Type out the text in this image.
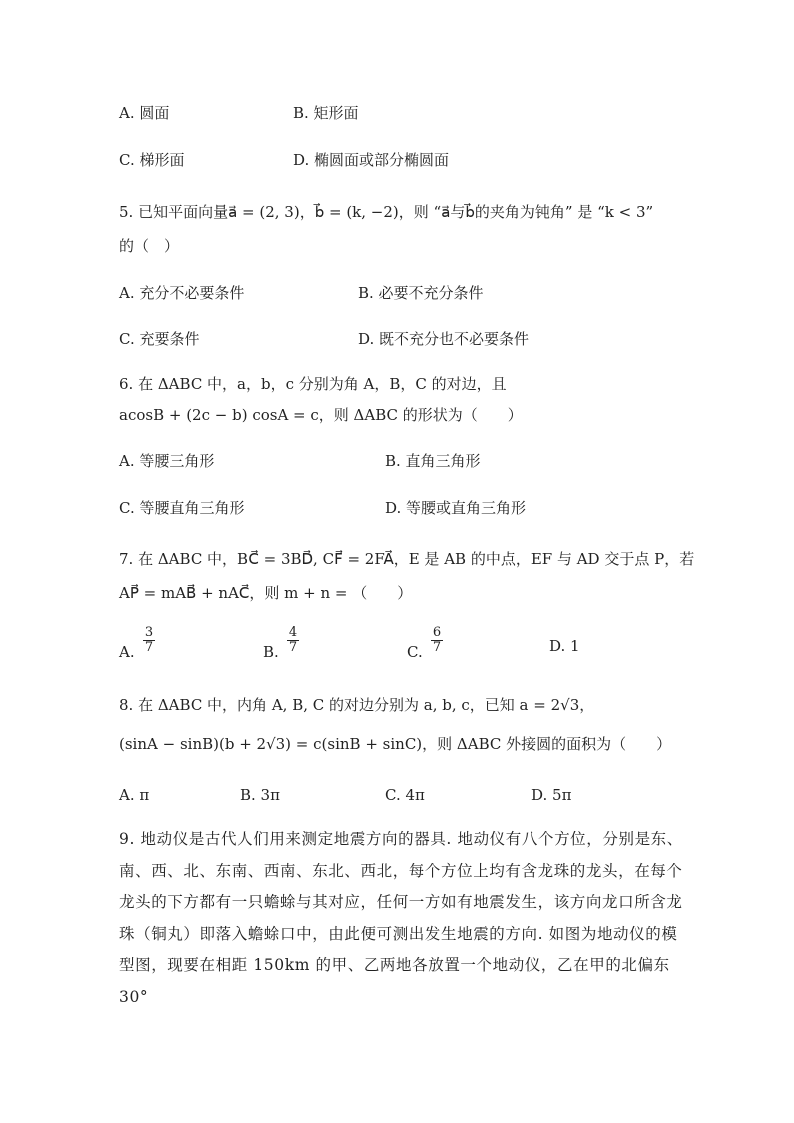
A. 圆面	B. 矩形面
C. 梯形面	D. 椭圆面或部分椭圆面
5. 已知平面向量a⃗ = (2, 3)，b⃗ = (k, −2)，则 “a⃗与b⃗的夹角为钝角” 是 “k < 3”
的（　）
A. 充分不必要条件	B. 必要不充分条件
C. 充要条件	D. 既不充分也不必要条件
6. 在 ΔABC 中，a，b，c 分别为角 A，B，C 的对边，且
acosB + (2c − b) cosA = c，则 ΔABC 的形状为（　　）
A. 等腰三角形	B. 直角三角形
C. 等腰直角三角形	D. 等腰或直角三角形
7. 在 ΔABC 中，BC⃗ = 3BD⃗, CF⃗ = 2FA⃗，E 是 AB 的中点，EF 与 AD 交于点 P，若
AP⃗ = mAB⃗ + nAC⃗，则 m + n = （　　）
A. $\frac{3}{7}$	B. $\frac{4}{7}$	C. $\frac{6}{7}$	D. 1
8. 在 ΔABC 中，内角 A, B, C 的对边分别为 a, b, c，已知 a = 2√3，
(sinA − sinB)(b + 2√3) = c(sinB + sinC)，则 ΔABC 外接圆的面积为（　　）
A. π	B. 3π	C. 4π	D. 5π
9. 地动仪是古代人们用来测定地震方向的器具. 地动仪有八个方位，分别是东、南、西、北、东南、西南、东北、西北，每个方位上均有含龙珠的龙头，在每个龙头的下方都有一只蟾蜍与其对应，任何一方如有地震发生，该方向龙口所含龙珠（铜丸）即落入蟾蜍口中，由此便可测出发生地震的方向. 如图为地动仪的模型图，现要在相距 150km 的甲、乙两地各放置一个地动仪，乙在甲的北偏东 30°
